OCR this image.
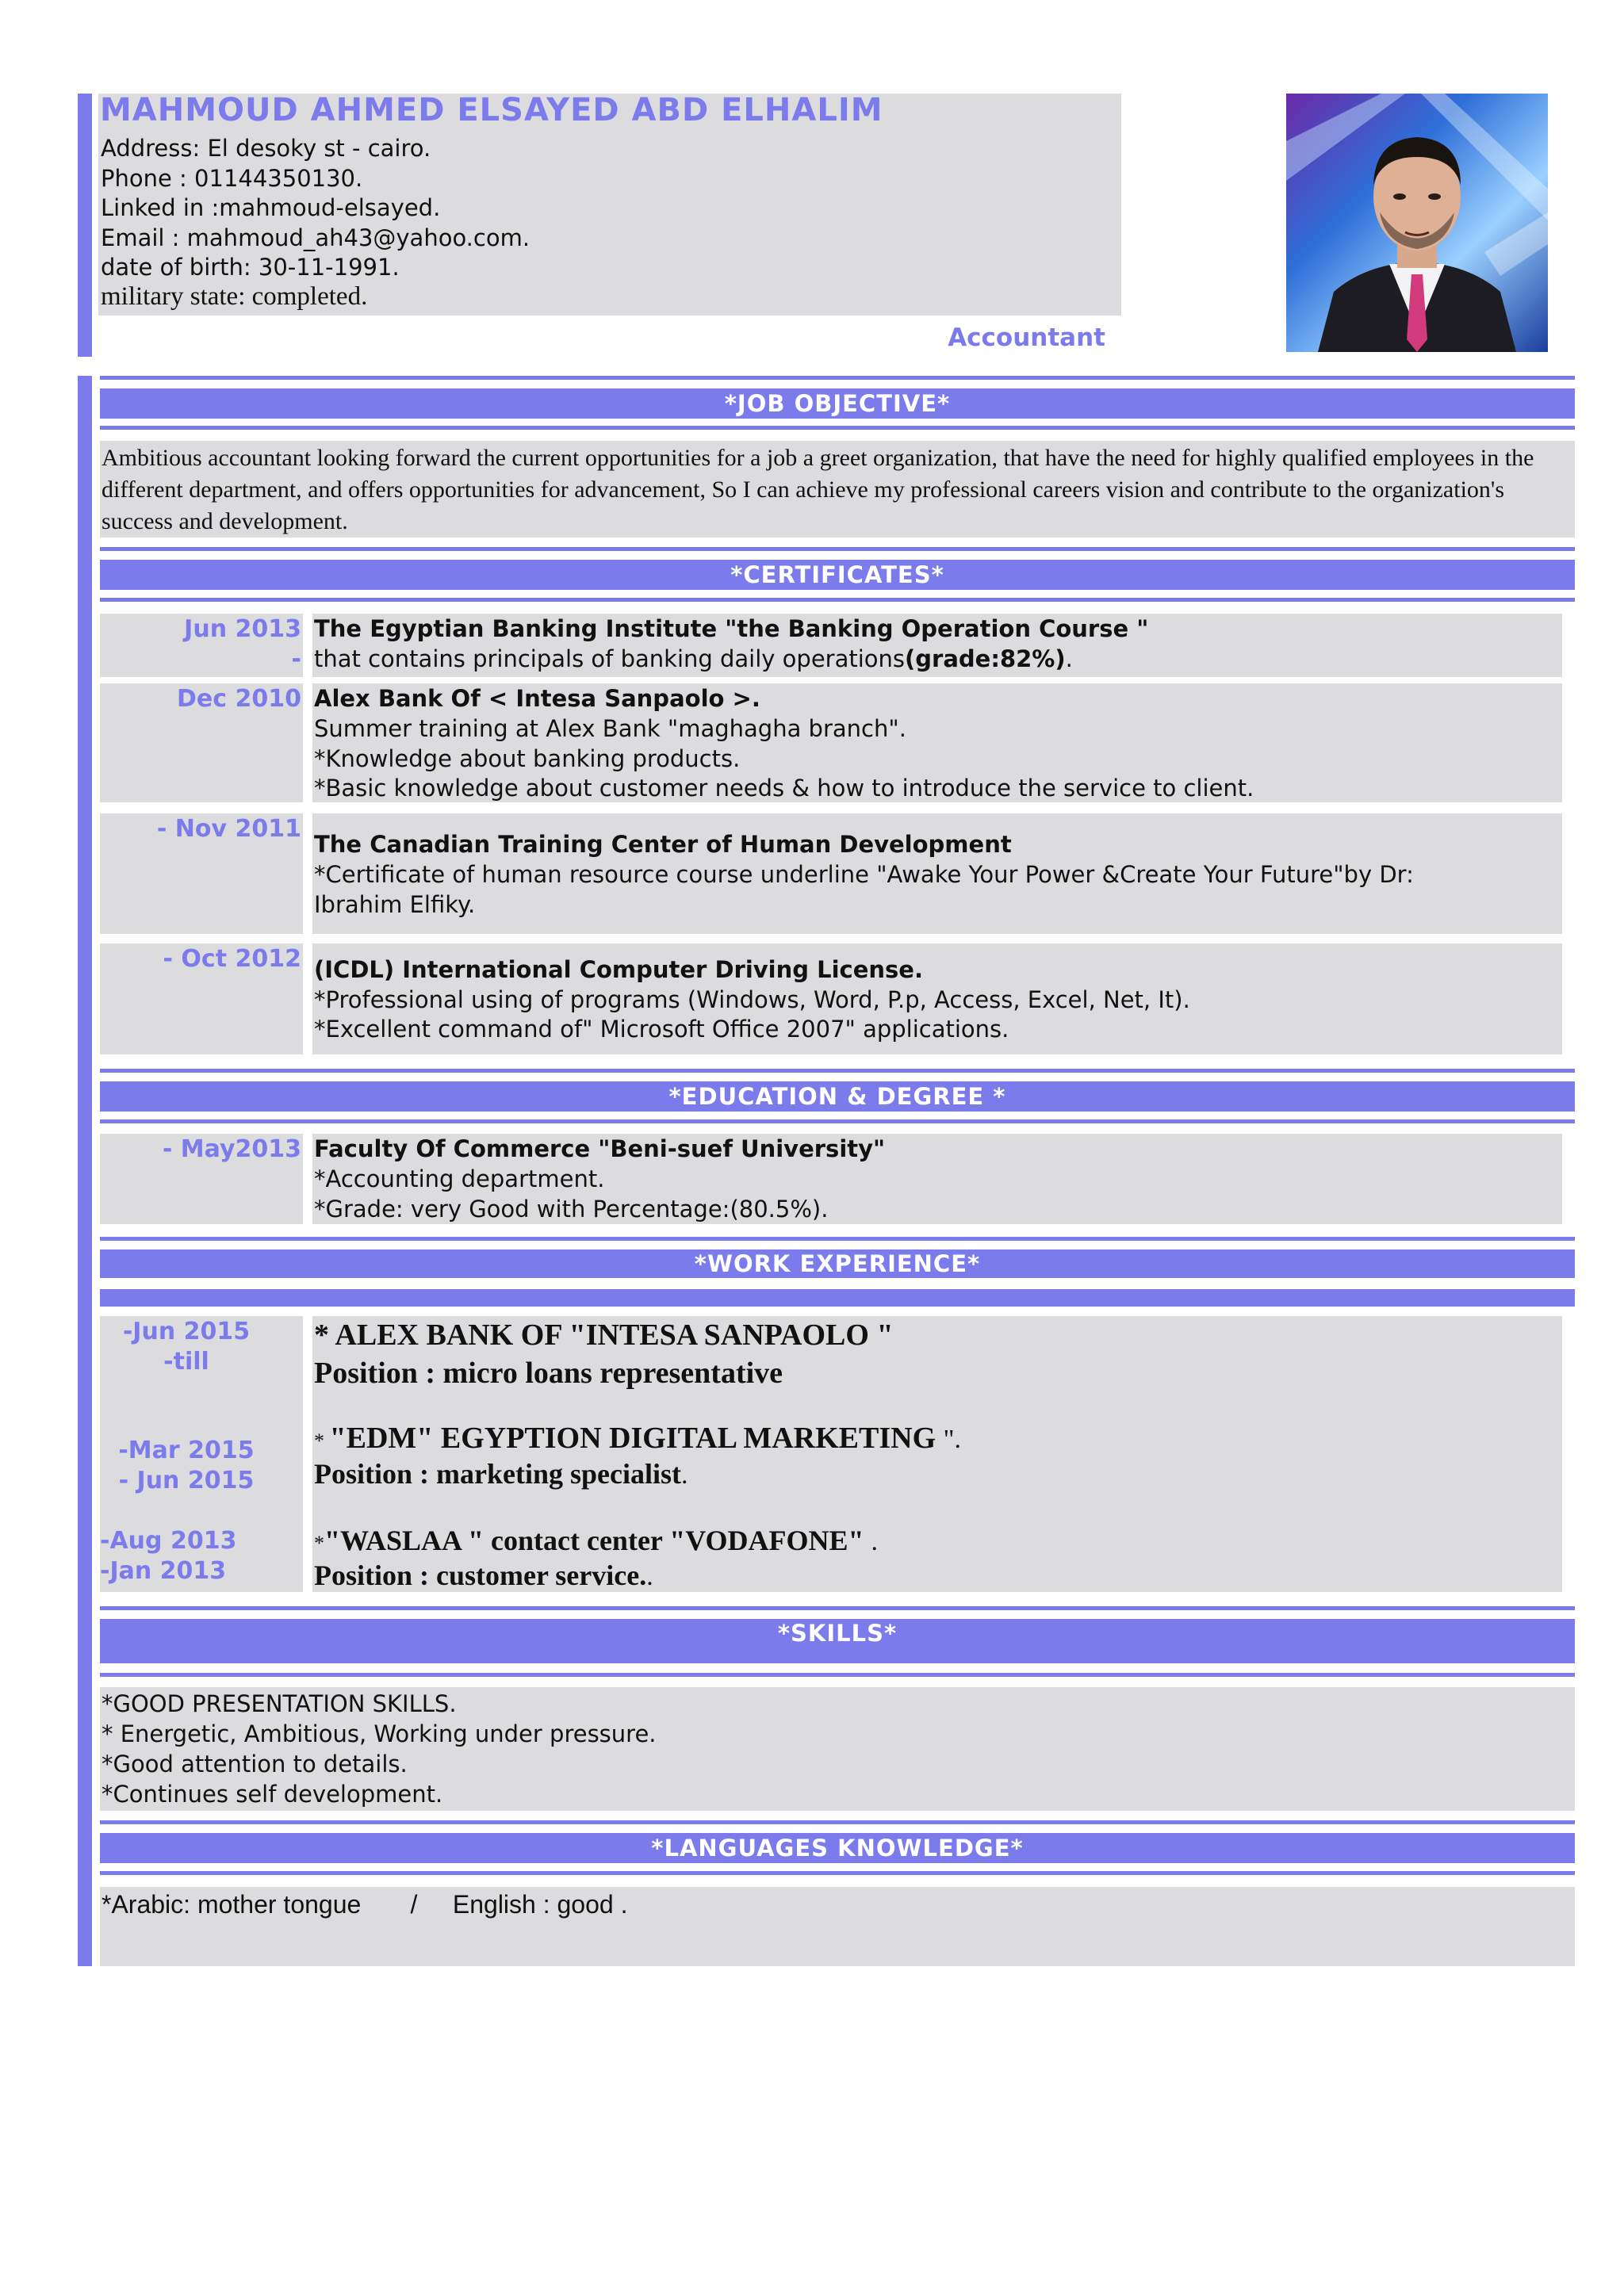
MAHMOUD AHMED ELSAYED ABD ELHALIM
Address: El desoky st - cairo.
Phone : 01144350130.
Linked in :mahmoud-elsayed.
Email : mahmoud_ah43@yahoo.com.
date of birth: 30-11-1991.
military state: completed.
Accountant
*JOB OBJECTIVE*
Ambitious accountant looking forward the current opportunities for a job a greet organization, that have the need for highly qualified employees in the different department, and offers opportunities for advancement, So I can achieve my professional careers vision and contribute to the organization's success and development.
*CERTIFICATES*
Jun 2013
-
The Egyptian Banking Institute "the Banking Operation Course "
that contains principals of banking daily operations(grade:82%).
Dec 2010 Alex Bank Of < Intesa Sanpaolo >.
Summer training at Alex Bank "maghagha branch".
*Knowledge about banking products.
*Basic knowledge about customer needs & how to introduce the service to client.
- Nov 2011
The Canadian Training Center of Human Development
*Certificate of human resource course underline "Awake Your Power &Create Your Future"by Dr:
Ibrahim Elfiky.
- Oct 2012 (ICDL) International Computer Driving License.
*Professional using of programs (Windows, Word, P.p, Access, Excel, Net, It).
*Excellent command of" Microsoft Office 2007" applications.
*EDUCATION & DEGREE *
- May2013 Faculty Of Commerce "Beni-suef University"
*Accounting department.
*Grade: very Good with Percentage:(80.5%).
*WORK EXPERIENCE*
-Jun 2015
-till
* ALEX BANK OF "INTESA SANPAOLO "
Position : micro loans representative
-Mar 2015
- Jun 2015
* "EDM" EGYPTION DIGITAL MARKETING ".
Position : marketing specialist.
-Aug 2013
-Jan 2013
*"WASLAA " contact center "VODAFONE" .
Position : customer service..
*SKILLS*
*GOOD PRESENTATION SKILLS.
* Energetic, Ambitious, Working under pressure.
*Good attention to details.
*Continues self development.
*LANGUAGES KNOWLEDGE*
*Arabic: mother tongue       /     English : good .
